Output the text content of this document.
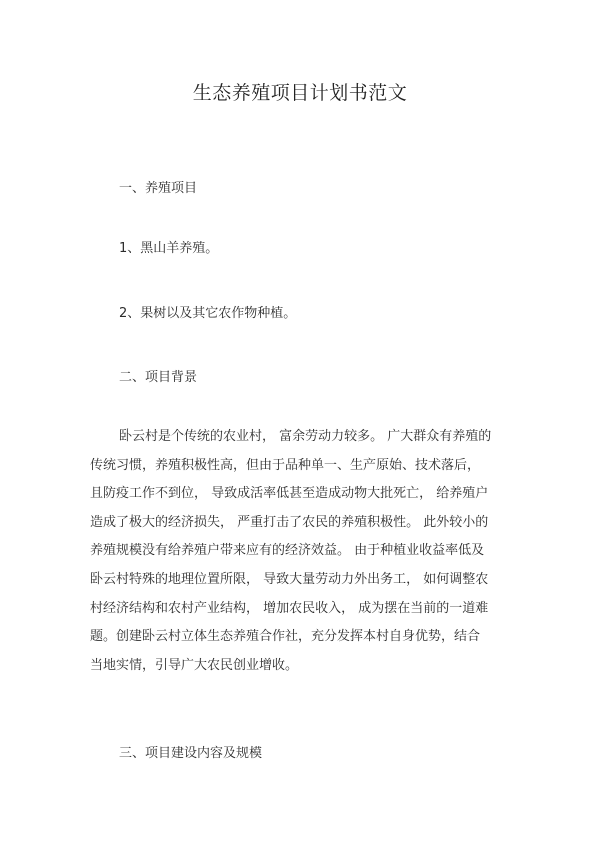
生态养殖项目计划书范文
一、养殖项目
1、黑山羊养殖。
2、果树以及其它农作物种植。
二、项目背景
卧云村是个传统的农业村， 富余劳动力较多。 广大群众有养殖的
传统习惯，养殖积极性高，但由于品种单一、生产原始、技术落后，
且防疫工作不到位， 导致成活率低甚至造成动物大批死亡， 给养殖户
造成了极大的经济损失， 严重打击了农民的养殖积极性。 此外较小的
养殖规模没有给养殖户带来应有的经济效益。 由于种植业收益率低及
卧云村特殊的地理位置所限， 导致大量劳动力外出务工， 如何调整农
村经济结构和农村产业结构， 增加农民收入， 成为摆在当前的一道难
题。创建卧云村立体生态养殖合作社，充分发挥本村自身优势，结合
当地实情，引导广大农民创业增收。
三、项目建设内容及规模
